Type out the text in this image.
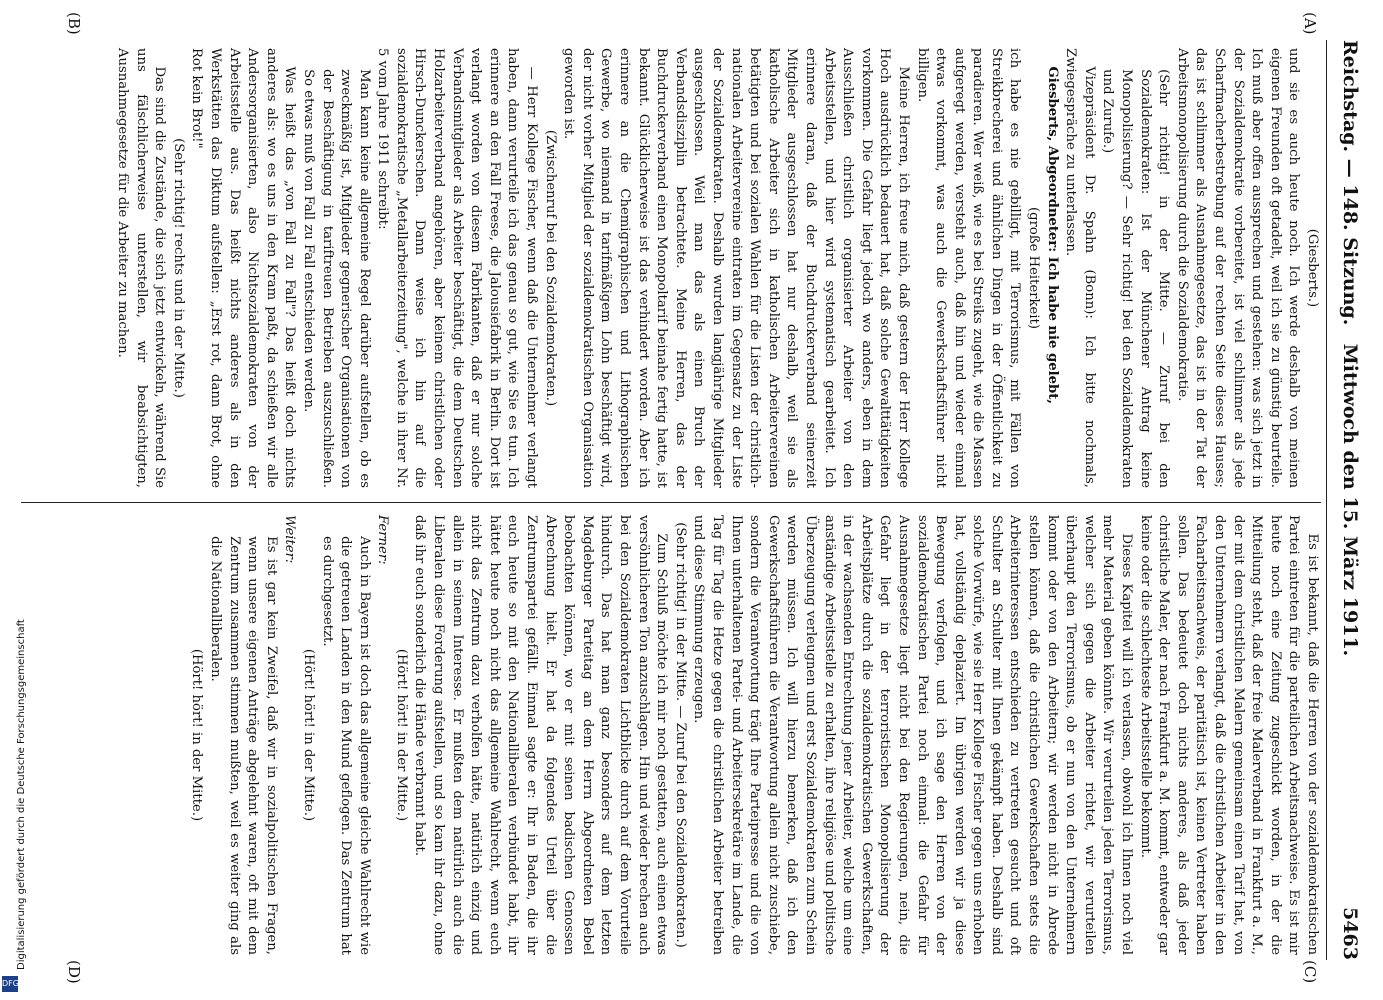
Reichstag. — 148. Sitzung.
Mittwoch den 15. März 1911.
5463
(A)
(B)
(C)
(D)

(Giesberts.)

und sie es auch heute noch. Ich werde deshalb von meinen eigenen Freunden oft getadelt, weil ich sie zu günstig beurteile. Ich muß aber offen aussprechen und gestehen: was sich jetzt in der Sozialdemokratie vorbereitet, ist viel schlimmer als jede Scharfmacherbestrebung auf der rechten Seite dieses Hauses; das ist schlimmer als Ausnahmegesetze, das ist in der Tat der Arbeitsmonopolisierung durch die Sozialdemokratie.

(Sehr richtig! in der Mitte. — Zuruf bei den Sozialdemokraten: Ist der Münchener Antrag keine Monopolisierung? — Sehr richtig! bei den Sozialdemokraten und Zurufe.)

Vizepräsident Dr. Spahn (Bonn): Ich bitte nochmals, Zwiegespräche zu unterlassen.

Giesberts, Abgeordneter: Ich habe nie gelebt,

(große Heiterkeit)

ich habe es nie gebilligt, mit Terrorismus, mit Fällen von Streikbrecherei und ähnlichen Dingen in der Öffentlichkeit zu paradieren. Wer weiß, wie es bei Streiks zugeht, wie die Massen aufgeregt werden, versteht auch, daß hin und wieder einmal etwas vorkommt, was auch die Gewerkschaftsführer nicht billigen.

Meine Herren, ich freue mich, daß gestern der Herr Kollege Hoch ausdrücklich bedauert hat, daß solche Gewalttätigkeiten vorkommen. Die Gefahr liegt jedoch wo anders, eben in dem Ausschließen christlich organisierter Arbeiter von den Arbeitsstellen, und hier wird systematisch gearbeitet. Ich erinnere daran, daß der Buchdruckerverband seinerzeit Mitglieder ausgeschlossen hat nur deshalb, weil sie als katholische Arbeiter sich in katholischen Arbeitervereinen betätigten und bei sozialen Wahlen für die Listen der christlich-nationalen Arbeitervereine eintraten im Gegensatz zu der Liste der Sozialdemokraten. Deshalb wurden langjährige Mitglieder ausgeschlossen. Weil man das als einen Bruch der Verbandsdisziplin betrachtete. Meine Herren, das der Buchdruckerverband einen Monopoltarif beinahe fertig hatte, ist bekannt. Glücklicherweise ist das verhindert worden. Aber ich erinnere an die Chemigraphischen und Lithographischen Gewerbe, wo niemand in tarifmäßigem Lohn beschäftigt wird, der nicht vorher Mitglied der sozialdemokratischen Organisation geworden ist.

(Zwischenruf bei den Sozialdemokraten.)

— Herr Kollege Fischer, wenn daß die Unternehmer verlangt haben, dann verurteile ich das genau so gut, wie Sie es tun. Ich erinnere an den Fall Freese, die Jalousiefabrik in Berlin. Dort ist verlangt worden von diesem Fabrikanten, daß er nur solche Verbandsmitglieder als Arbeiter beschäftigt, die dem Deutschen Holzarbeiterverband angehören, aber keinem christlichen oder Hirsch-Dunckerschen. Dann weise ich hin auf die sozialdemokratische „Metallarbeiterzeitung", welche in ihrer Nr. 5 vom Jahre 1911 schreibt:

Man kann keine allgemeine Regel darüber aufstellen, ob es zweckmäßig ist, Mitglieder gegnerischer Organisationen von der Beschäftigung in tariftreuen Betrieben auszuschließen. So etwas muß von Fall zu Fall entschieden werden.

Was heißt das „von Fall zu Fall"? Das heißt doch nichts anderes als: wo es uns in den Kram paßt, da schießen wir alle Andersorganisierten, also Nichtsozialdemokraten von der Arbeitsstelle aus. Das heißt nichts anderes als in den Werkstätten das Diktum aufstellen: „Erst rot, dann Brot, ohne Rot kein Brot!"

(Sehr richtig! rechts und in der Mitte.)

Das sind die Zustände, die sich jetzt entwickeln, während Sie uns fälschlicherweise unterstellen, wir beabsichtigten, Ausnahmegesetze für die Arbeiter zu machen.

Es ist bekannt, daß die Herren von der sozialdemokratischen Partei eintreten für die parteilichen Arbeitsnachweise. Es ist mir heute noch eine Zeitung zugeschickt worden, in der die Mitteilung steht, daß der freie Malerverband in Frankfurt a. M., der mit dem christlichen Malern gemeinsam einen Tarif hat, von den Unternehmern verlangt, daß die christlichen Arbeiter in den Facharbeitsnachweis, der paritätisch ist, keinen Vertreter haben sollen. Das bedeutet doch nichts anderes, als daß jeder christliche Maler, der nach Frankfurt a. M. kommt, entweder gar keine oder die schlechteste Arbeitsstelle bekommt.

Dieses Kapitel will ich verlassen, obwohl ich Ihnen noch viel mehr Material geben könnte. Wir verurteilen jeden Terrorismus, welcher sich gegen die Arbeiter richtet, wir verurteilen überhaupt den Terrorismus, ob er nun von den Unternehmern kommt oder von den Arbeitern; wir werden nicht in Abrede stellen können, daß die christlichen Gewerkschaften stets die Arbeiterinteressen entschieden zu vertreten gesucht und oft Schulter an Schulter mit Ihnen gekämpft haben. Deshalb sind solche Vorwürfe, wie sie Herr Kollege Fischer gegen uns erhoben hat, vollständig deplaziert. Im übrigen werden wir ja diese Bewegung verfolgen, und ich sage den Herren von der sozialdemokratischen Partei noch einmal: die Gefahr für Ausnahmegesetze liegt nicht bei den Regierungen, nein, die Gefahr liegt in der terroristischen Monopolisierung der Arbeitsplätze durch die sozialdemokratischen Gewerkschaften, in der wachsenden Entrechtung jener Arbeiter, welche um eine anständige Arbeitsstelle zu erhalten, ihre religiöse und politische Überzeugung verleugnen und erst Sozialdemokraten zum Schein werden müssen. Ich will hierzu bemerken, daß ich den Gewerkschaftsführern die Verantwortung allein nicht zuschiebe, sondern die Verantwortung trägt Ihre Parteipresse und die von Ihnen unterhaltenen Partei- und Arbeitersekretäre im Lande, die Tag für Tag die Hetze gegen die christlichen Arbeiter betreiben und diese Stimmung erzeugen.

(Sehr richtig! in der Mitte. — Zuruf bei den Sozialdemokraten.)

Zum Schluß möchte ich mir noch gestatten, auch einen etwas versöhnlicheren Ton anzuschlagen. Hin und wieder brechen auch bei den Sozialdemokraten Lichtblicke durch auf dem Vorurteile hindurch. Das hat man ganz besonders auf dem letzten Magdeburger Parteitag an dem Herrn Abgeordneten Bebel beobachten können, wo er mit seinen badischen Genossen Abrechnung hielt. Er hat da folgendes Urteil über die Zentrumspartei gefällt. Einmal sagte er: Ihr in Baden, die ihr euch heute so mit den Nationalliberalen verbündet habt, ihr hättet heute noch nicht das allgemeine Wahlrecht, wenn euch nicht das Zentrum dazu verholfen hätte, natürlich einzig und allein in seinem Interesse. Er mußten dem natürlich auch die Liberalen diese Forderung aufstellen, und so kam ihr dazu, ohne daß ihr euch sonderlich die Hände verbrannt habt.

(Hört! hört! in der Mitte.)

Ferner:

Auch in Bayern ist doch das allgemeine gleiche Wahlrecht wie die getreuen Landen in den Mund geflogen. Das Zentrum hat es durchgesetzt.

(Hört! hört! in der Mitte.)

Weiter:

Es ist gar kein Zweifel, daß wir in sozialpolitischen Fragen, wenn unsere eigenen Anträge abgelehnt waren, oft mit dem Zentrum zusammen stimmen mußten, weil es weiter ging als die Nationalliberalen.

(Hört! hört! in der Mitte.)

DFG
Digitalisierung gefördert durch die Deutsche Forschungsgemeinschaft
